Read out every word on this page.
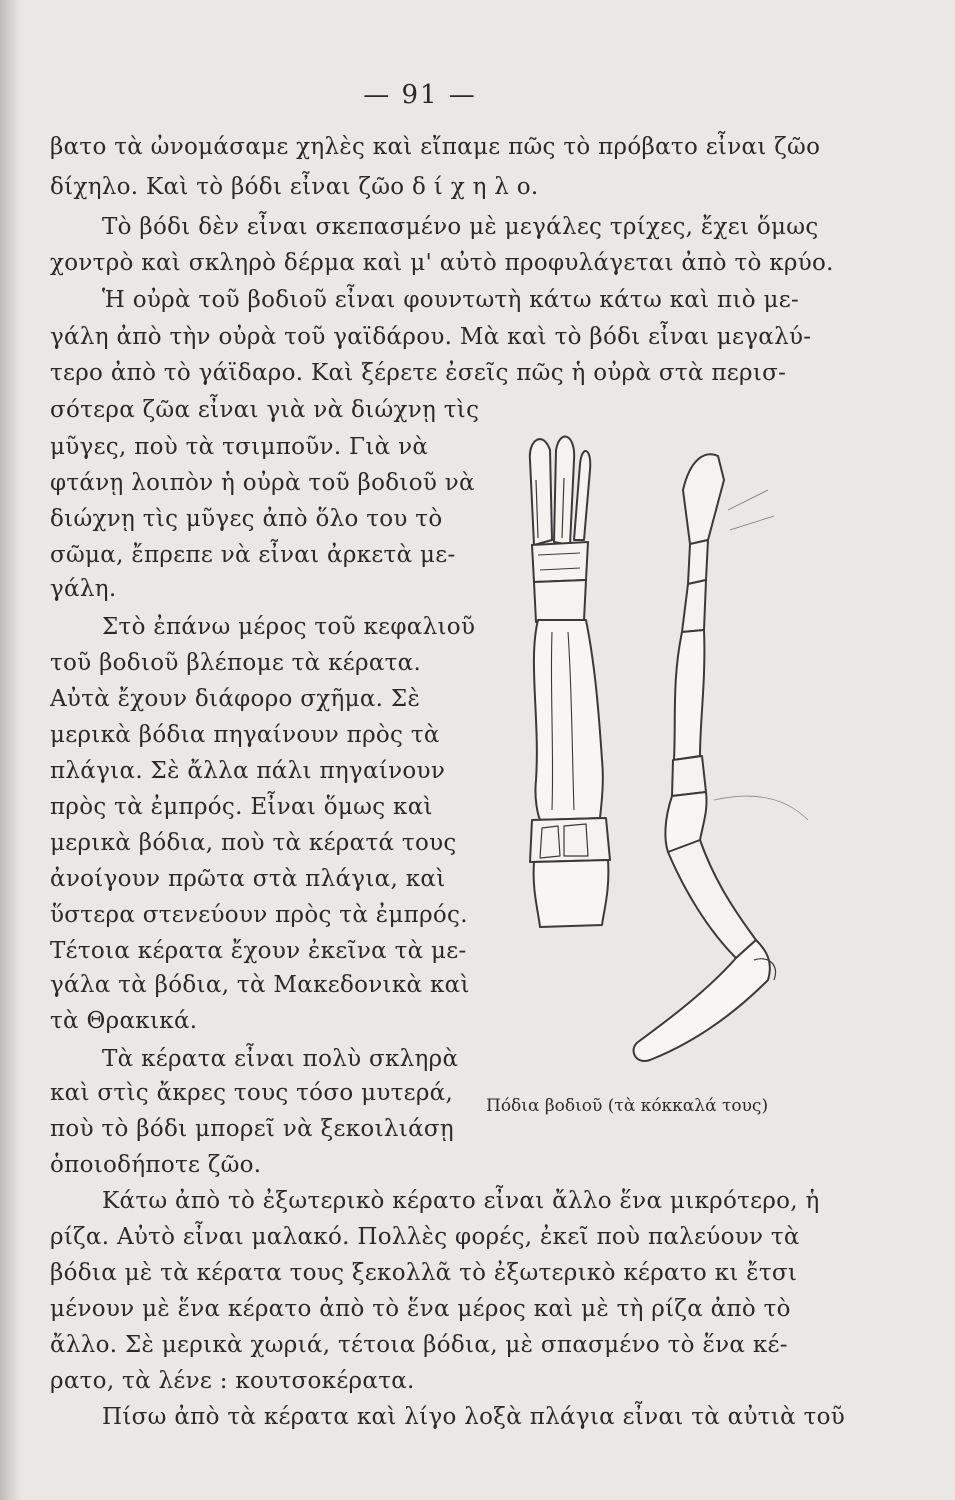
— 91 —
βατο τὰ ὠνομάσαμε χηλὲς καὶ εἴπαμε πῶς τὸ πρόβατο εἶναι ζῶο
δίχηλο. Καὶ τὸ βόδι εἶναι ζῶο δ ί χ η λ ο.
Τὸ βόδι δὲν εἶναι σκεπασμένο μὲ μεγάλες τρίχες, ἔχει ὅμως
χοντρὸ καὶ σκληρὸ δέρμα καὶ μ' αὐτὸ προφυλάγεται ἀπὸ τὸ κρύο.
Ἡ οὐρὰ τοῦ βοδιοῦ εἶναι φουντωτὴ κάτω κάτω καὶ πιὸ με-
γάλη ἀπὸ τὴν οὐρὰ τοῦ γαϊδάρου. Μὰ καὶ τὸ βόδι εἶναι μεγαλύ-
τερο ἀπὸ τὸ γάϊδαρο. Καὶ ξέρετε ἐσεῖς πῶς ἡ οὐρὰ στὰ περισ-
σότερα ζῶα εἶναι γιὰ νὰ διώχνῃ τὶς
μῦγες, ποὺ τὰ τσιμποῦν. Γιὰ νὰ
φτάνῃ λοιπὸν ἡ οὐρὰ τοῦ βοδιοῦ νὰ
διώχνῃ τὶς μῦγες ἀπὸ ὅλο του τὸ
σῶμα, ἔπρεπε νὰ εἶναι ἀρκετὰ με-
γάλη.
Στὸ ἐπάνω μέρος τοῦ κεφαλιοῦ
τοῦ βοδιοῦ βλέπομε τὰ κέρατα.
Αὐτὰ ἔχουν διάφορο σχῆμα. Σὲ
μερικὰ βόδια πηγαίνουν πρὸς τὰ
πλάγια. Σὲ ἄλλα πάλι πηγαίνουν
πρὸς τὰ ἐμπρός. Εἶναι ὅμως καὶ
μερικὰ βόδια, ποὺ τὰ κέρατά τους
ἀνοίγουν πρῶτα στὰ πλάγια, καὶ
ὕστερα στενεύουν πρὸς τὰ ἐμπρός.
Τέτοια κέρατα ἔχουν ἐκεῖνα τὰ με-
γάλα τὰ βόδια, τὰ Μακεδονικὰ καὶ
τὰ Θρακικά.
Τὰ κέρατα εἶναι πολὺ σκληρὰ
καὶ στὶς ἄκρες τους τόσο μυτερά,
ποὺ τὸ βόδι μπορεῖ νὰ ξεκοιλιάσῃ
ὁποιοδήποτε ζῶο.
Πόδια βοδιοῦ (τὰ κόκκαλά τους)
Κάτω ἀπὸ τὸ ἐξωτερικὸ κέρατο εἶναι ἄλλο ἕνα μικρότερο, ἡ
ρίζα. Αὐτὸ εἶναι μαλακό. Πολλὲς φορές, ἐκεῖ ποὺ παλεύουν τὰ
βόδια μὲ τὰ κέρατα τους ξεκολλᾶ τὸ ἐξωτερικὸ κέρατο κι ἔτσι
μένουν μὲ ἕνα κέρατο ἀπὸ τὸ ἕνα μέρος καὶ μὲ τὴ ρίζα ἀπὸ τὸ
ἄλλο. Σὲ μερικὰ χωριά, τέτοια βόδια, μὲ σπασμένο τὸ ἕνα κέ-
ρατο, τὰ λένε : κουτσοκέρατα.
Πίσω ἀπὸ τὰ κέρατα καὶ λίγο λοξὰ πλάγια εἶναι τὰ αὐτιὰ τοῦ
